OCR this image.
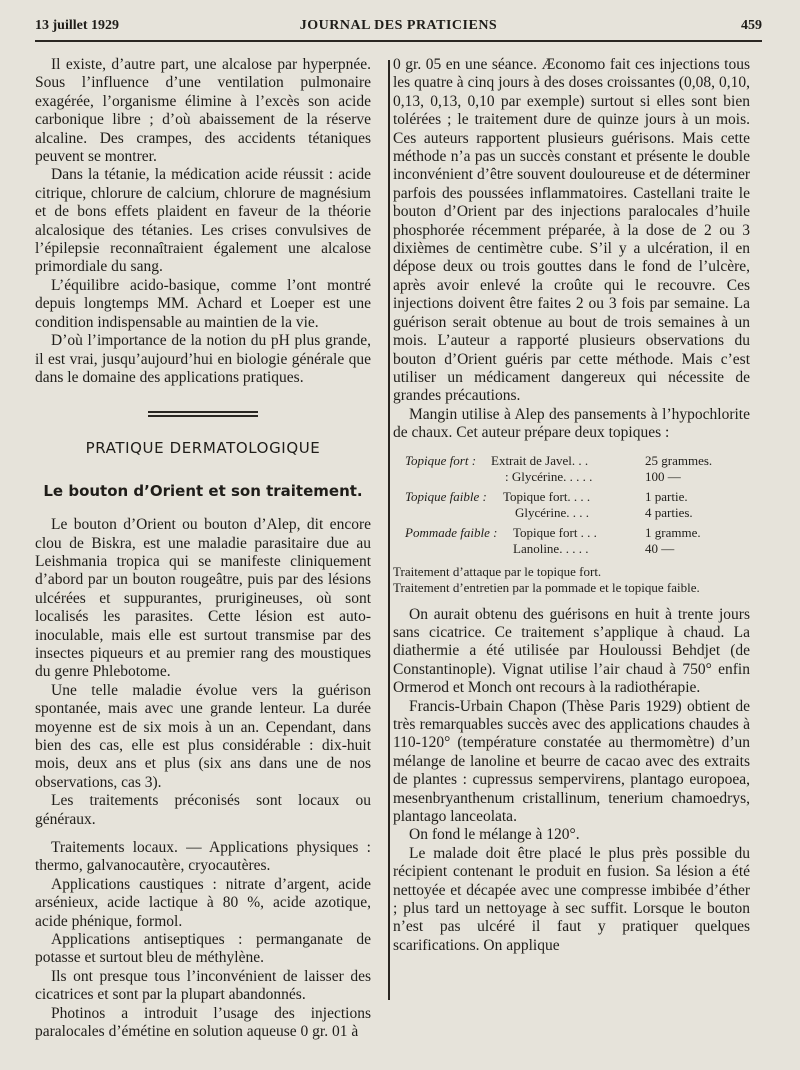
13 juillet 1929	JOURNAL DES PRATICIENS	459

Il existe, d’autre part, une alcalose par hyperpnée. Sous l’influence d’une ventilation pulmonaire exagérée, l’organisme élimine à l’excès son acide carbonique libre ; d’où abaissement de la réserve alcaline. Des crampes, des accidents tétaniques peuvent se montrer.

Dans la tétanie, la médication acide réussit : acide citrique, chlorure de calcium, chlorure de magnésium et de bons effets plaident en faveur de la théorie alcalosique des tétanies. Les crises convulsives de l’épilepsie reconnaîtraient également une alcalose primordiale du sang.

L’équilibre acido-basique, comme l’ont montré depuis longtemps MM. Achard et Loeper est une condition indispensable au maintien de la vie.

D’où l’importance de la notion du pH plus grande, il est vrai, jusqu’aujourd’hui en biologie générale que dans le domaine des applications pratiques.

PRATIQUE DERMATOLOGIQUE
Le bouton d’Orient et son traitement.

Le bouton d’Orient ou bouton d’Alep, dit encore clou de Biskra, est une maladie parasitaire due au Leishmania tropica qui se manifeste cliniquement d’abord par un bouton rougeâtre, puis par des lésions ulcérées et suppurantes, prurigineuses, où sont localisés les parasites. Cette lésion est auto-inoculable, mais elle est surtout transmise par des insectes piqueurs et au premier rang des moustiques du genre Phlebotome.

Une telle maladie évolue vers la guérison spontanée, mais avec une grande lenteur. La durée moyenne est de six mois à un an. Cependant, dans bien des cas, elle est plus considérable : dix-huit mois, deux ans et plus (six ans dans une de nos observations, cas 3).

Les traitements préconisés sont locaux ou généraux.

Traitements locaux. — Applications physiques : thermo, galvanocautère, cryocautères.

Applications caustiques : nitrate d’argent, acide arsénieux, acide lactique à 80 %, acide azotique, acide phénique, formol.

Applications antiseptiques : permanganate de potasse et surtout bleu de méthylène.

Ils ont presque tous l’inconvénient de laisser des cicatrices et sont par la plupart abandonnés.

Photinos a introduit l’usage des injections paralocales d’émétine en solution aqueuse 0 gr. 01 à

0 gr. 05 en une séance. Æconomo fait ces injections tous les quatre à cinq jours à des doses croissantes (0,08, 0,10, 0,13, 0,13, 0,10 par exemple) surtout si elles sont bien tolérées ; le traitement dure de quinze jours à un mois. Ces auteurs rapportent plusieurs guérisons. Mais cette méthode n’a pas un succès constant et présente le double inconvénient d’être souvent douloureuse et de déterminer parfois des poussées inflammatoires. Castellani traite le bouton d’Orient par des injections paralocales d’huile phosphorée récemment préparée, à la dose de 2 ou 3 dixièmes de centimètre cube. S’il y a ulcération, il en dépose deux ou trois gouttes dans le fond de l’ulcère, après avoir enlevé la croûte qui le recouvre. Ces injections doivent être faites 2 ou 3 fois par semaine. La guérison serait obtenue au bout de trois semaines à un mois. L’auteur a rapporté plusieurs observations du bouton d’Orient guéris par cette méthode. Mais c’est utiliser un médicament dangereux qui nécessite de grandes précautions.

Mangin utilise à Alep des pansements à l’hypochlorite de chaux. Cet auteur prépare deux topiques :

Topique fort : Extrait de Javel. . .	25 grammes.
: Glycérine. . . . .	100 —
Topique faible : Topique fort. . . .	1 partie.
Glycérine. . . .	4 parties.
Pommade faible : Topique fort . . .	1 gramme.
Lanoline. . . . .	40 —

Traitement d’attaque par le topique fort.

Traitement d’entretien par la pommade et le topique faible.

On aurait obtenu des guérisons en huit à trente jours sans cicatrice. Ce traitement s’applique à chaud. La diathermie a été utilisée par Houloussi Behdjet (de Constantinople). Vignat utilise l’air chaud à 750° enfin Ormerod et Monch ont recours à la radiothérapie.

Francis-Urbain Chapon (Thèse Paris 1929) obtient de très remarquables succès avec des applications chaudes à 110-120° (température constatée au thermomètre) d’un mélange de lanoline et beurre de cacao avec des extraits de plantes : cupressus sempervirens, plantago europoea, mesenbryanthenum cristallinum, tenerium chamoedrys, plantago lanceolata.

On fond le mélange à 120°.

Le malade doit être placé le plus près possible du récipient contenant le produit en fusion. Sa lésion a été nettoyée et décapée avec une compresse imbibée d’éther ; plus tard un nettoyage à sec suffit. Lorsque le bouton n’est pas ulcéré il faut y pratiquer quelques scarifications. On applique
